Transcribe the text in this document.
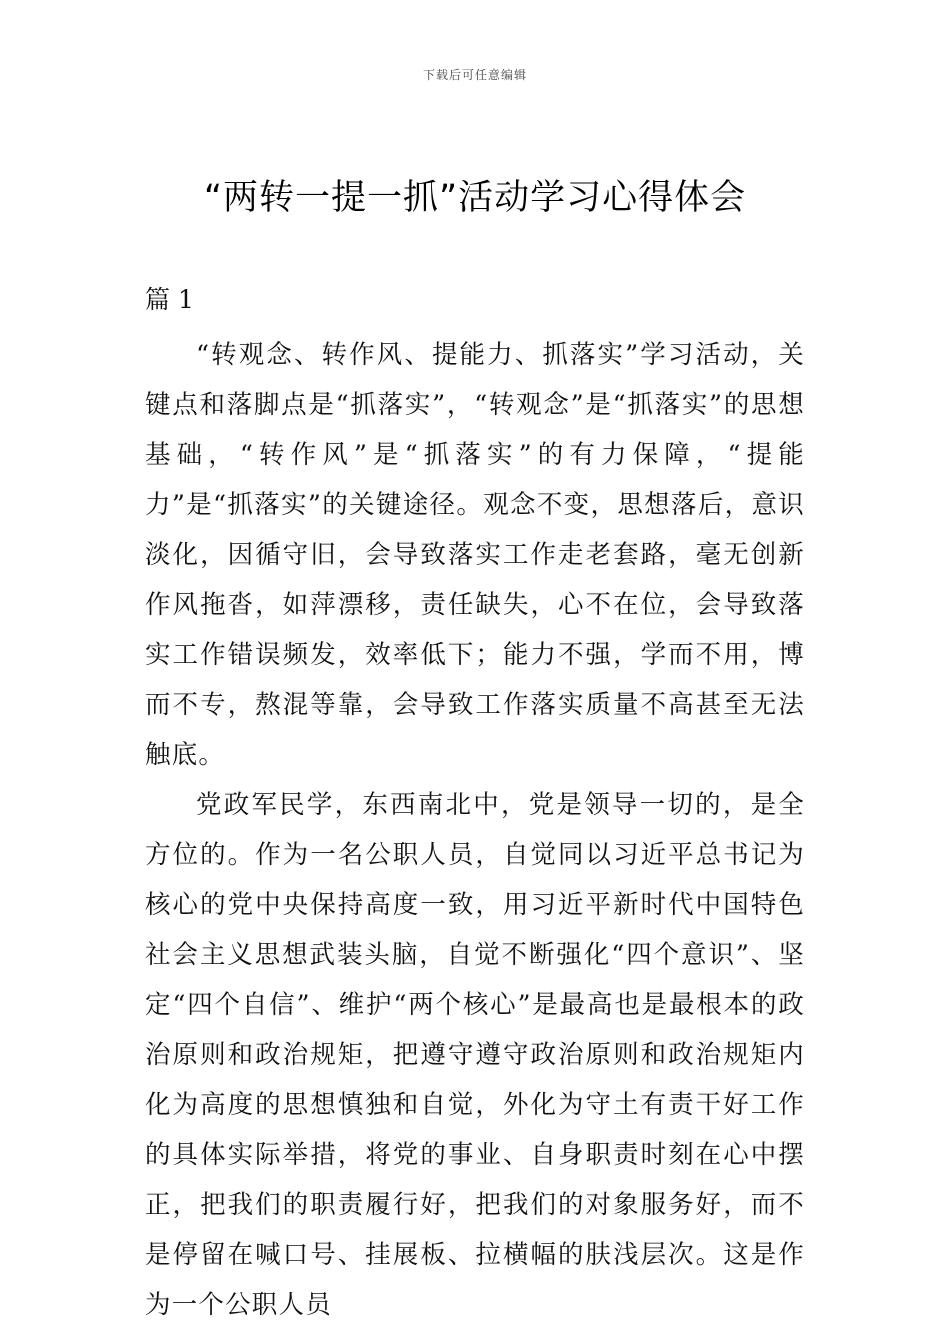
下载后可任意编辑
“两转一提一抓”活动学习心得体会
篇 1

“转观念、转作风、提能力、抓落实”学习活动，关键点和落脚点是“抓落实”，“转观念”是“抓落实”的思想基础，“转作风”是“抓落实”的有力保障，“提能力”是“抓落实”的关键途径。观念不变，思想落后，意识淡化，因循守旧，会导致落实工作走老套路，毫无创新作风拖沓，如萍漂移，责任缺失，心不在位，会导致落实工作错误频发，效率低下；能力不强，学而不用，博而不专，熬混等靠，会导致工作落实质量不高甚至无法触底。

党政军民学，东西南北中，党是领导一切的，是全方位的。作为一名公职人员，自觉同以习近平总书记为核心的党中央保持高度一致，用习近平新时代中国特色社会主义思想武装头脑，自觉不断强化“四个意识”、坚定“四个自信”、维护“两个核心”是最高也是最根本的政治原则和政治规矩，把遵守遵守政治原则和政治规矩内化为高度的思想慎独和自觉，外化为守土有责干好工作的具体实际举措，将党的事业、自身职责时刻在心中摆正，把我们的职责履行好，把我们的对象服务好，而不是停留在喊口号、挂展板、拉横幅的肤浅层次。这是作为一个公职人员
